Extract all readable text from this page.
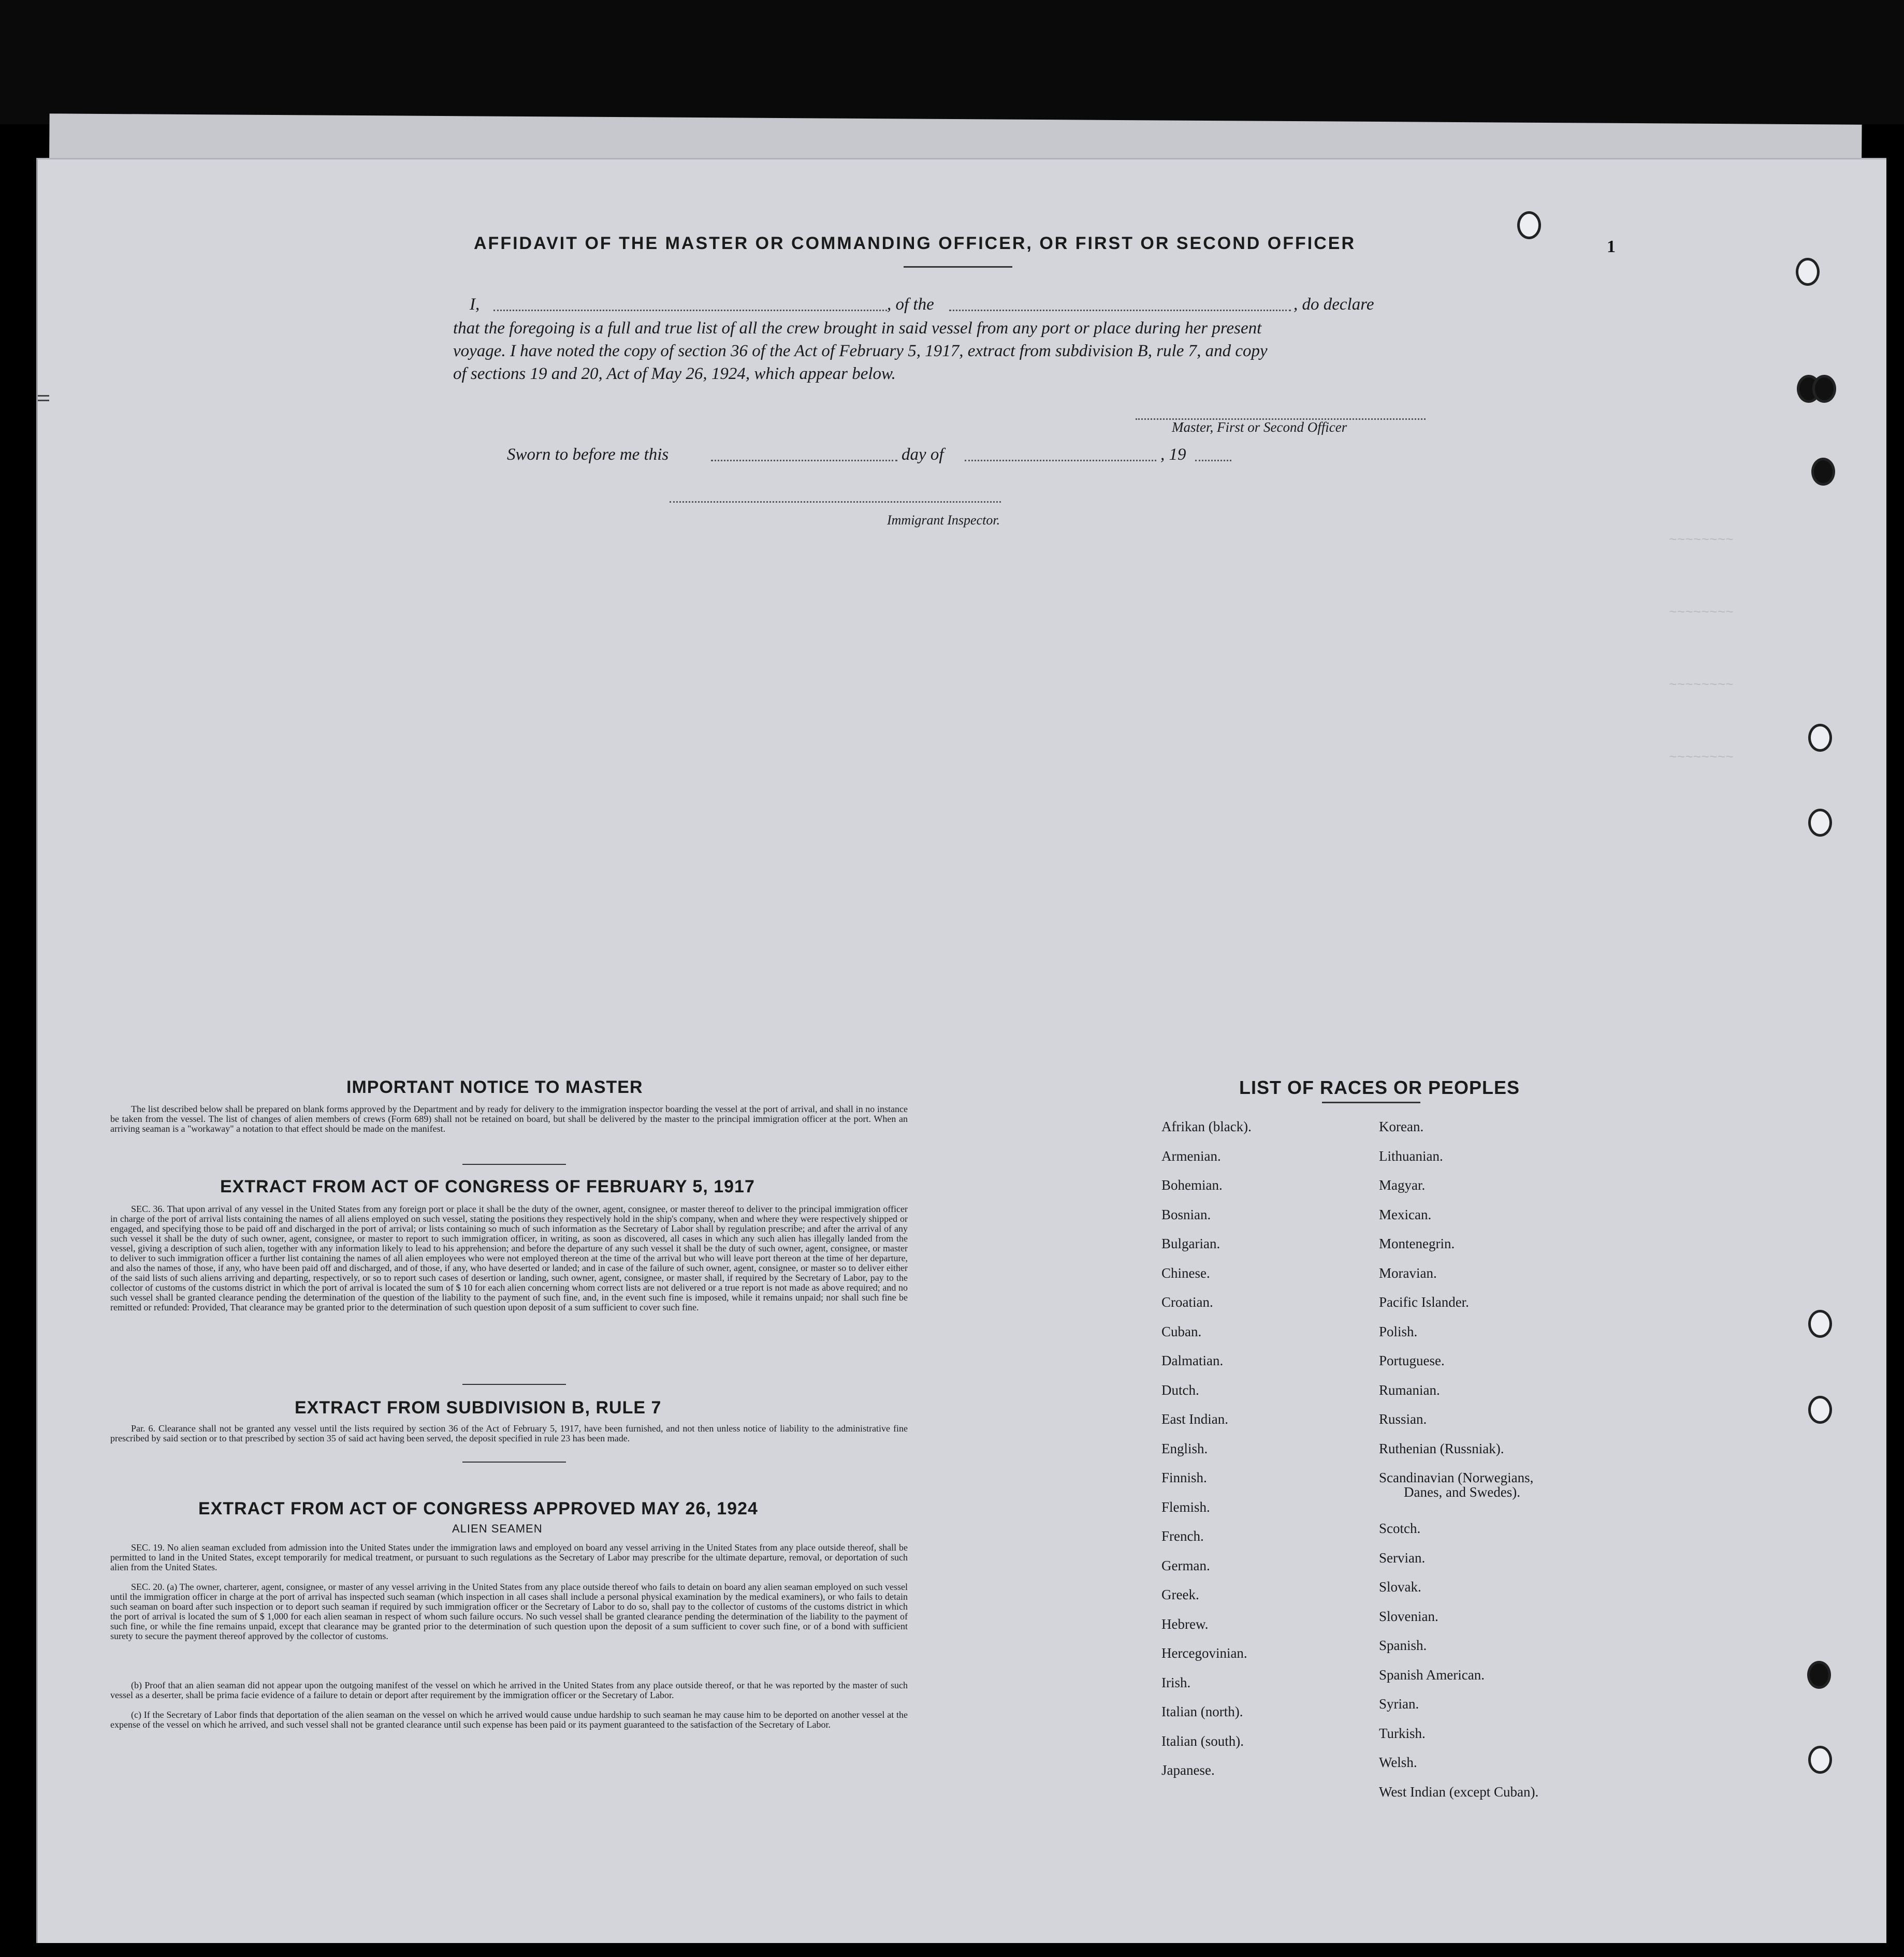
~~~~~~~~
~~~~~~~~
~~~~~~~~
~~~~~~~~
AFFIDAVIT OF THE MASTER OR COMMANDING OFFICER, OR FIRST OR SECOND OFFICER	1
I,	, of the	, do declare
that the foregoing is a full and true list of all the crew brought in said vessel from any port or place during her present
voyage. I have noted the copy of section 36 of the Act of February 5, 1917, extract from subdivision B, rule 7, and copy
of sections 19 and 20, Act of May 26, 1924, which appear below.
Master, First or Second Officer
Sworn to before me this	day of	, 19
Immigrant Inspector.
IMPORTANT NOTICE TO MASTER
The list described below shall be prepared on blank forms approved by the Department and by ready for delivery to the immigration inspector boarding the vessel at the port of arrival, and shall in no instance be taken from the vessel. The list of changes of alien members of crews (Form 689) shall not be retained on board, but shall be delivered by the master to the principal immigration officer at the port. When an arriving seaman is a "workaway" a notation to that effect should be made on the manifest.
EXTRACT FROM ACT OF CONGRESS OF FEBRUARY 5, 1917
SEC. 36. That upon arrival of any vessel in the United States from any foreign port or place it shall be the duty of the owner, agent, consignee, or master thereof to deliver to the principal immigration officer in charge of the port of arrival lists containing the names of all aliens employed on such vessel, stating the positions they respectively hold in the ship's company, when and where they were respectively shipped or engaged, and specifying those to be paid off and discharged in the port of arrival; or lists containing so much of such information as the Secretary of Labor shall by regulation prescribe; and after the arrival of any such vessel it shall be the duty of such owner, agent, consignee, or master to report to such immigration officer, in writing, as soon as discovered, all cases in which any such alien has illegally landed from the vessel, giving a description of such alien, together with any information likely to lead to his apprehension; and before the departure of any such vessel it shall be the duty of such owner, agent, consignee, or master to deliver to such immigration officer a further list containing the names of all alien employees who were not employed thereon at the time of the arrival but who will leave port thereon at the time of her departure, and also the names of those, if any, who have been paid off and discharged, and of those, if any, who have deserted or landed; and in case of the failure of such owner, agent, consignee, or master so to deliver either of the said lists of such aliens arriving and departing, respectively, or so to report such cases of desertion or landing, such owner, agent, consignee, or master shall, if required by the Secretary of Labor, pay to the collector of customs of the customs district in which the port of arrival is located the sum of $ 10 for each alien concerning whom correct lists are not delivered or a true report is not made as above required; and no such vessel shall be granted clearance pending the determination of the question of the liability to the payment of such fine, and, in the event such fine is imposed, while it remains unpaid; nor shall such fine be remitted or refunded: Provided, That clearance may be granted prior to the determination of such question upon deposit of a sum sufficient to cover such fine.
EXTRACT FROM SUBDIVISION B, RULE 7
Par. 6. Clearance shall not be granted any vessel until the lists required by section 36 of the Act of February 5, 1917, have been furnished, and not then unless notice of liability to the administrative fine prescribed by said section or to that prescribed by section 35 of said act having been served, the deposit specified in rule 23 has been made.
EXTRACT FROM ACT OF CONGRESS APPROVED MAY 26, 1924
ALIEN SEAMEN
SEC. 19. No alien seaman excluded from admission into the United States under the immigration laws and employed on board any vessel arriving in the United States from any place outside thereof, shall be permitted to land in the United States, except temporarily for medical treatment, or pursuant to such regulations as the Secretary of Labor may prescribe for the ultimate departure, removal, or deportation of such alien from the United States.
SEC. 20. (a) The owner, charterer, agent, consignee, or master of any vessel arriving in the United States from any place outside thereof who fails to detain on board any alien seaman employed on such vessel until the immigration officer in charge at the port of arrival has inspected such seaman (which inspection in all cases shall include a personal physical examination by the medical examiners), or who fails to detain such seaman on board after such inspection or to deport such seaman if required by such immigration officer or the Secretary of Labor to do so, shall pay to the collector of customs of the customs district in which the port of arrival is located the sum of $ 1,000 for each alien seaman in respect of whom such failure occurs. No such vessel shall be granted clearance pending the determination of the liability to the payment of such fine, or while the fine remains unpaid, except that clearance may be granted prior to the determination of such question upon the deposit of a sum sufficient to cover such fine, or of a bond with sufficient surety to secure the payment thereof approved by the collector of customs.
(b) Proof that an alien seaman did not appear upon the outgoing manifest of the vessel on which he arrived in the United States from any place outside thereof, or that he was reported by the master of such vessel as a deserter, shall be prima facie evidence of a failure to detain or deport after requirement by the immigration officer or the Secretary of Labor.
(c) If the Secretary of Labor finds that deportation of the alien seaman on the vessel on which he arrived would cause undue hardship to such seaman he may cause him to be deported on another vessel at the expense of the vessel on which he arrived, and such vessel shall not be granted clearance until such expense has been paid or its payment guaranteed to the satisfaction of the Secretary of Labor.
LIST OF RACES OR PEOPLES
Afrikan (black).
Armenian.
Bohemian.
Bosnian.
Bulgarian.
Chinese.
Croatian.
Cuban.
Dalmatian.
Dutch.
East Indian.
English.
Finnish.
Flemish.
French.
German.
Greek.
Hebrew.
Hercegovinian.
Irish.
Italian (north).
Italian (south).
Japanese.
Korean.
Lithuanian.
Magyar.
Mexican.
Montenegrin.
Moravian.
Pacific Islander.
Polish.
Portuguese.
Rumanian.
Russian.
Ruthenian (Russniak).
Scandinavian (Norwegians,
Danes, and Swedes).
Scotch.
Servian.
Slovak.
Slovenian.
Spanish.
Spanish American.
Syrian.
Turkish.
Welsh.
West Indian (except Cuban).
